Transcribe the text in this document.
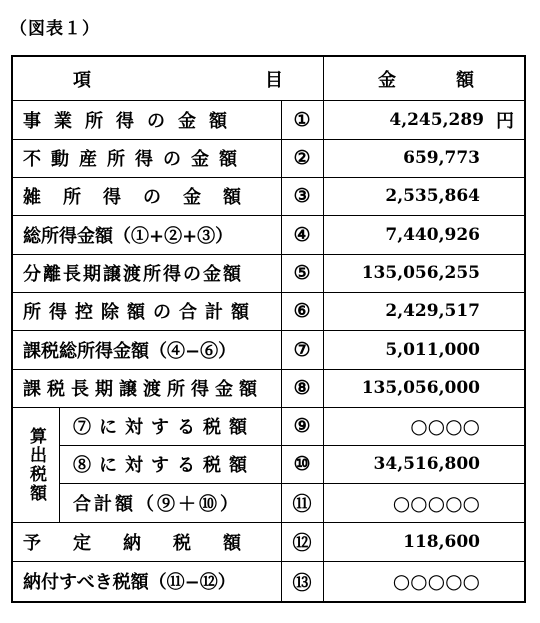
（図表１）
項	目	金	額
事業所得の金額	①	4,245,289 円
不動産所得の金額	②	659,773
雑所得の金額	③	2,535,864
総所得金額（①+②+③）	④	7,440,926
分離長期譲渡所得の金額	⑤	135,056,255
所得控除額の合計額	⑥	2,429,517
課税総所得金額（④−⑥）	⑦	5,011,000
課税長期譲渡所得金額	⑧	135,056,000
算出税額 ⑦に対する税額	⑨	○○○○
⑧に対する税額	⑩	34,516,800
合計額（⑨＋⑩）	⑪	○○○○○
予定納税額	⑫	118,600
納付すべき税額（⑪−⑫）	⑬	○○○○○
